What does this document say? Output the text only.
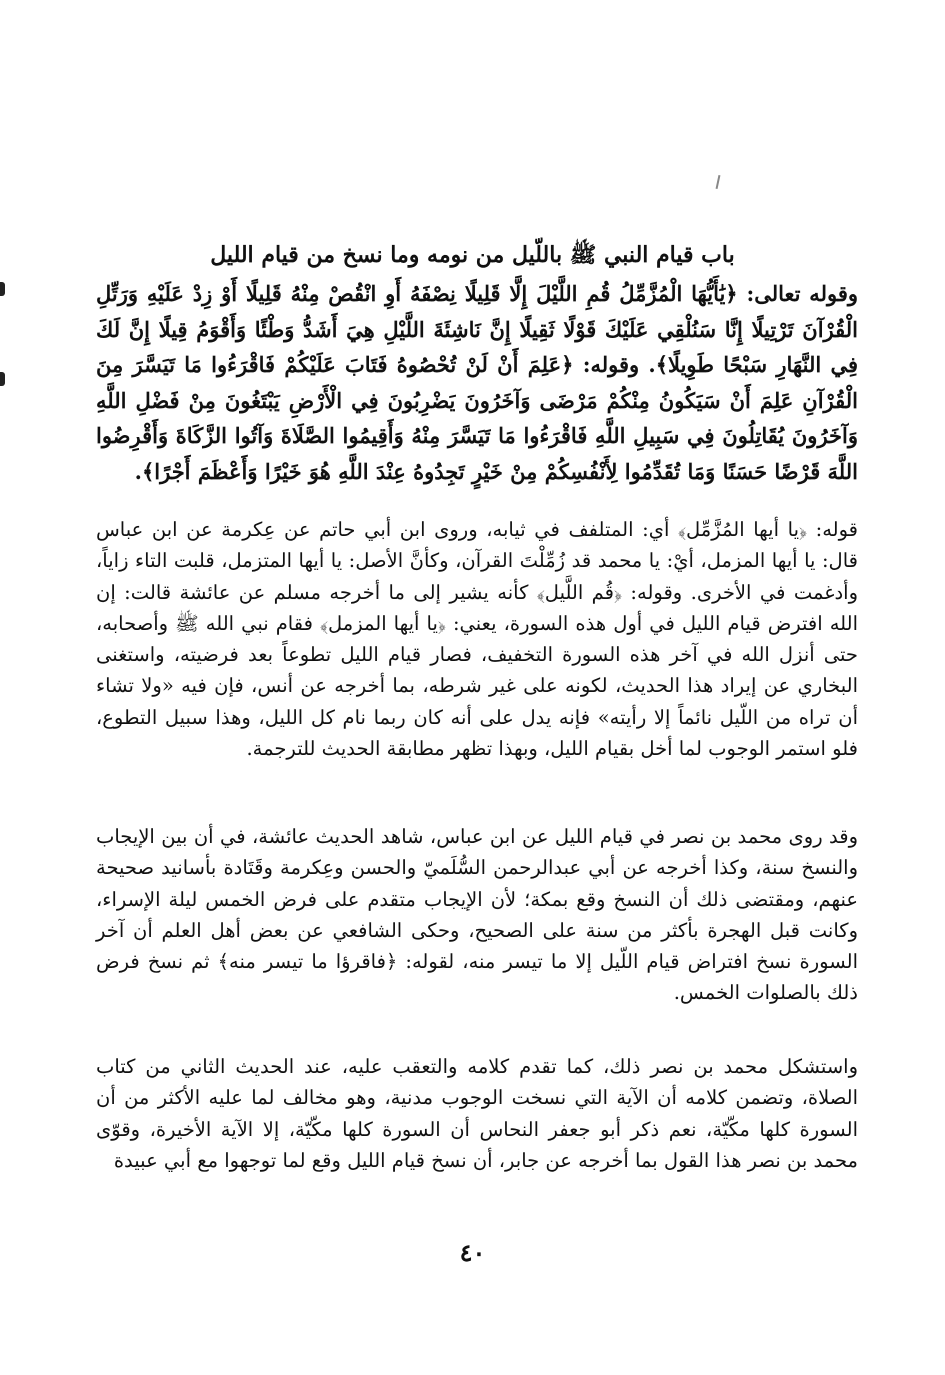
باب قيام النبي ﷺ باللّيل من نومه وما نسخ من قيام الليل

وقوله تعالى: ﴿يَٰأَيُّهَا الْمُزَّمِّلُ قُمِ اللَّيْلَ إِلَّا قَلِيلًا نِصْفَهُ أَوِ انْقُصْ مِنْهُ قَلِيلًا أَوْ زِدْ عَلَيْهِ وَرَتِّلِ الْقُرْآنَ تَرْتِيلًا إِنَّا سَنُلْقِي عَلَيْكَ قَوْلًا ثَقِيلًا إِنَّ نَاشِئَةَ اللَّيْلِ هِيَ أَشَدُّ وَطْئًا وَأَقْوَمُ قِيلًا إِنَّ لَكَ فِي النَّهَارِ سَبْحًا طَوِيلًا﴾. وقوله: ﴿عَلِمَ أَنْ لَنْ تُحْصُوهُ فَتَابَ عَلَيْكُمْ فَاقْرَءُوا مَا تَيَسَّرَ مِنَ الْقُرْآنِ عَلِمَ أَنْ سَيَكُونُ مِنْكُمْ مَرْضَى وَآخَرُونَ يَضْرِبُونَ فِي الْأَرْضِ يَبْتَغُونَ مِنْ فَضْلِ اللَّهِ وَآخَرُونَ يُقَاتِلُونَ فِي سَبِيلِ اللَّهِ فَاقْرَءُوا مَا تَيَسَّرَ مِنْهُ وَأَقِيمُوا الصَّلَاةَ وَآتُوا الزَّكَاةَ وَأَقْرِضُوا اللَّهَ قَرْضًا حَسَنًا وَمَا تُقَدِّمُوا لِأَنْفُسِكُمْ مِنْ خَيْرٍ تَجِدُوهُ عِنْدَ اللَّهِ هُوَ خَيْرًا وَأَعْظَمَ أَجْرًا﴾.

قوله: ﴿يا أيها المُزَّمِّل﴾ أي: المتلفف في ثيابه، وروى ابن أبي حاتم عن عِكرمة عن ابن عباس قال: يا أيها المزمل، أيْ: يا محمد قد زُمِّلْتَ القرآن، وكأنَّ الأصل: يا أيها المتزمل، قلبت التاء زاياً، وأدغمت في الأخرى. وقوله: ﴿قُم اللَّيل﴾ كأنه يشير إلى ما أخرجه مسلم عن عائشة قالت: إن الله افترض قيام الليل في أول هذه السورة، يعني: ﴿يا أيها المزمل﴾ فقام نبي الله ﷺ وأصحابه، حتى أنزل الله في آخر هذه السورة التخفيف، فصار قيام الليل تطوعاً بعد فرضيته، واستغنى البخاري عن إيراد هذا الحديث، لكونه على غير شرطه، بما أخرجه عن أنس، فإن فيه «ولا تشاء أن تراه من اللّيل نائماً إلا رأيته» فإنه يدل على أنه كان ربما نام كل الليل، وهذا سبيل التطوع، فلو استمر الوجوب لما أخل بقيام الليل، وبهذا تظهر مطابقة الحديث للترجمة.

وقد روى محمد بن نصر في قيام الليل عن ابن عباس، شاهد الحديث عائشة، في أن بين الإيجاب والنسخ سنة، وكذا أخرجه عن أبي عبدالرحمن السُّلَميّ والحسن وعِكرمة وقَتَادة بأسانيد صحيحة عنهم، ومقتضى ذلك أن النسخ وقع بمكة؛ لأن الإيجاب متقدم على فرض الخمس ليلة الإسراء، وكانت قبل الهجرة بأكثر من سنة على الصحيح، وحكى الشافعي عن بعض أهل العلم أن آخر السورة نسخ افتراض قيام اللّيل إلا ما تيسر منه، لقوله: ﴿فاقرؤا ما تيسر منه﴾ ثم نسخ فرض ذلك بالصلوات الخمس.

واستشكل محمد بن نصر ذلك، كما تقدم كلامه والتعقب عليه، عند الحديث الثاني من كتاب الصلاة، وتضمن كلامه أن الآية التي نسخت الوجوب مدنية، وهو مخالف لما عليه الأكثر من أن السورة كلها مكّيّة، نعم ذكر أبو جعفر النحاس أن السورة كلها مكّيّة، إلا الآية الأخيرة، وقوّى محمد بن نصر هذا القول بما أخرجه عن جابر، أن نسخ قيام الليل وقع لما توجهوا مع أبي عبيدة

٤٠
